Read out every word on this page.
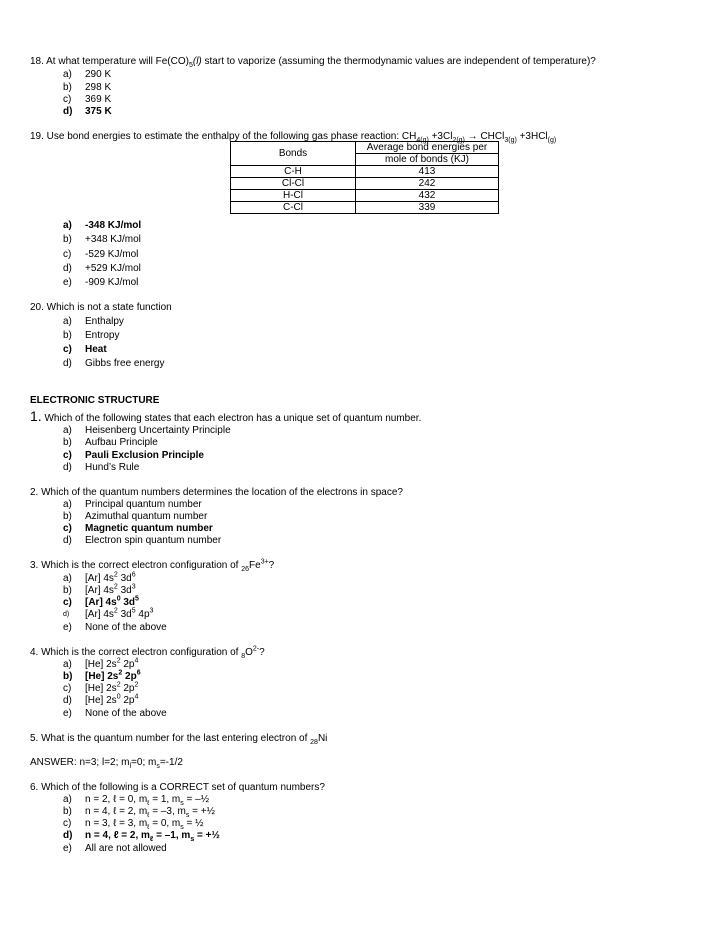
18. At what temperature will $Fe(CO)_5(l)$ start to vaporize (assuming the thermodynamic values are independent of temperature)?
a) 290 K
b) 298 K
c) 369 K
d) 375 K
19. Use bond energies to estimate the enthalpy of the following gas phase reaction: $CH_{4(g)} +3Cl_{2(g)}$ → CHCl$_{3(g)}$ +3HCl$_{(g)}$
Bonds	Average bond energies per
	mole of bonds (KJ)
C-H	413
Cl-Cl	242
H-Cl	432
C-Cl	339
a) -348 KJ/mol
b) +348 KJ/mol
c) -529 KJ/mol
d) +529 KJ/mol
e) -909 KJ/mol
20. Which is not a state function
a) Enthalpy
b) Entropy
c) Heat
d) Gibbs free energy
ELECTRONIC STRUCTURE
1. Which of the following states that each electron has a unique set of quantum number.
a) Heisenberg Uncertainty Principle
b) Aufbau Principle
c) Pauli Exclusion Principle
d) Hund’s Rule
2. Which of the quantum numbers determines the location of the electrons in space?
a) Principal quantum number
b) Azimuthal quantum number
c) Magnetic quantum number
d) Electron spin quantum number
3. Which is the correct electron configuration of $_{26}Fe^{3+}$?
a) [Ar] $4s^2$ $3d^6$
b) [Ar] $4s^2$ $3d^3$
c) [Ar] $4s^0$ $3d^5$
d) [Ar] $4s^2$ $3d^5$ $4p^3$
e) None of the above
4. Which is the correct electron configuration of $_8O^{2-}$?
a) [He] $2s^2$ $2p^4$
b) [He] $2s^2$ $2p^6$
c) [He] $2s^2$ $2p^2$
d) [He] $2s^0$ $2p^4$
e) None of the above
5. What is the quantum number for the last entering electron of $_{28}$Ni
ANSWER: n=3; l=2; $m_l=0$; $m_s=-1/2$
6. Which of the following is a CORRECT set of quantum numbers?
a) n = 2, ℓ = 0, $m_\ell = 1$, $m_s$ = –½
b) n = 4, ℓ = 2, $m_\ell = -3$, $m_s$ = +½
c) n = 3, ℓ = 3, $m_\ell = 0$, $m_s$ = ½
d) n = 4, ℓ = 2, $m_\ell = -1$, $m_s$ = +½
e) All are not allowed
